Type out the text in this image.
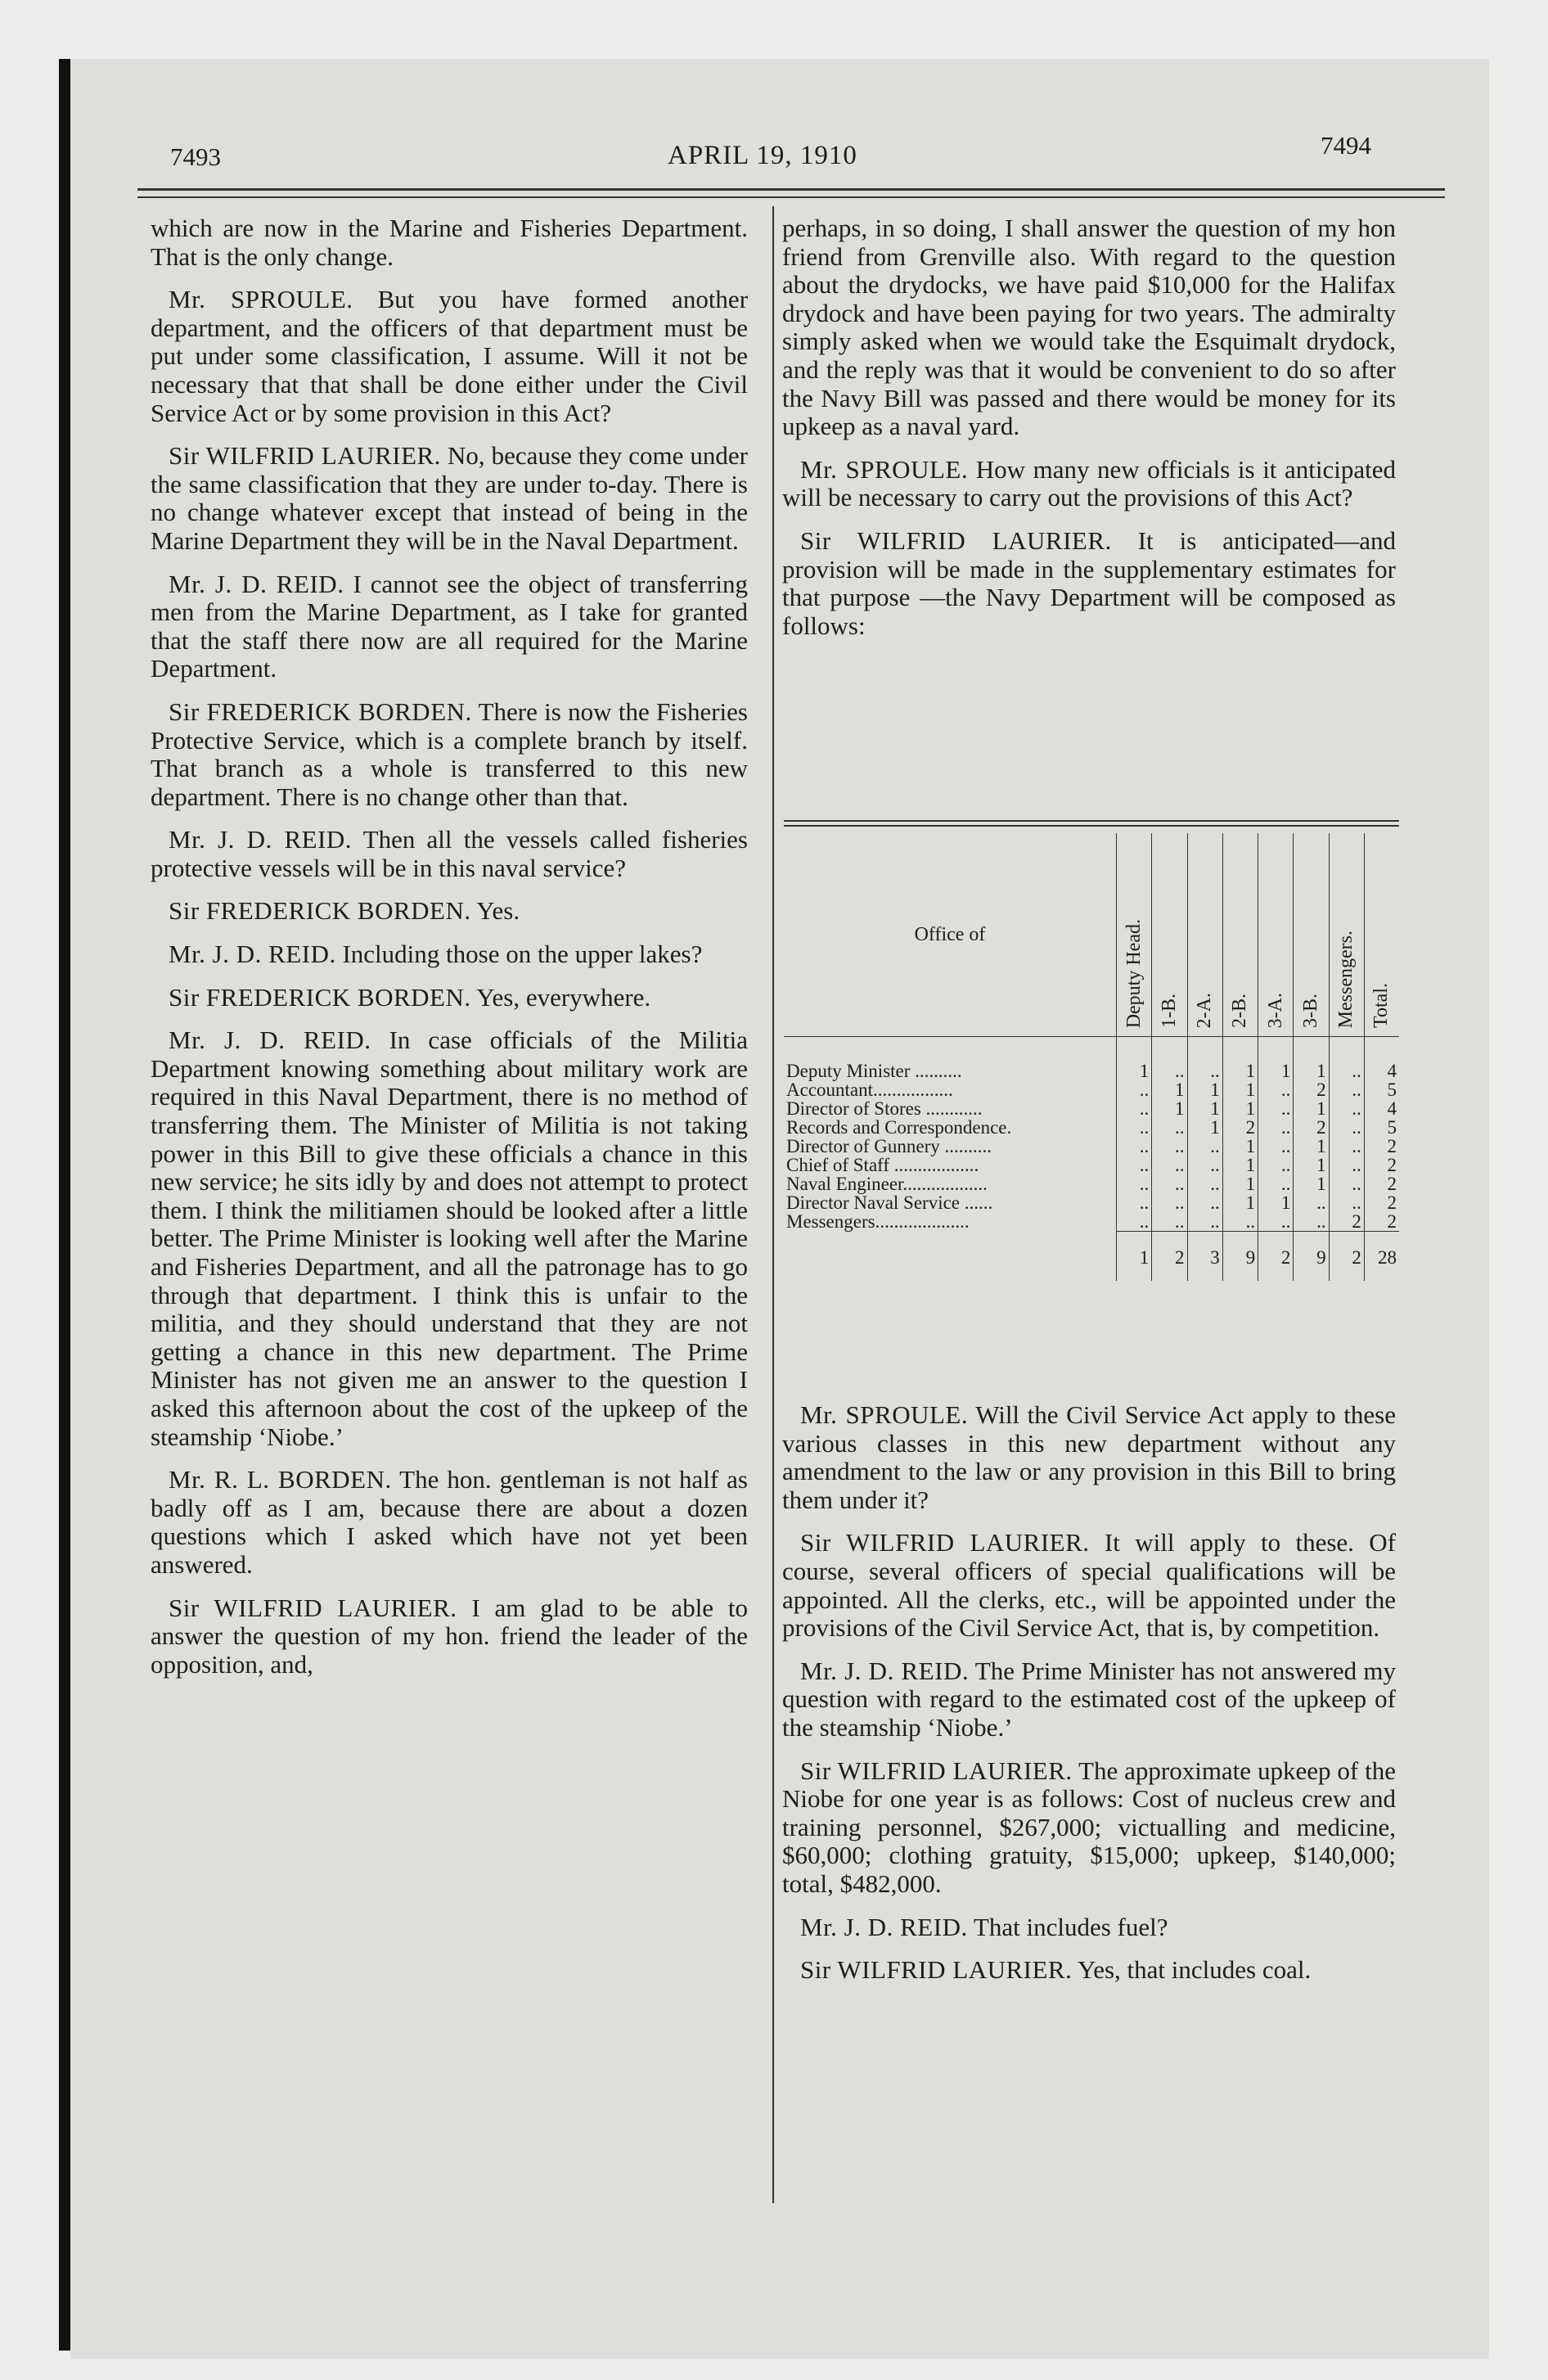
7493	APRIL 19, 1910	7494

which are now in the Marine and Fisheries Department. That is the only change.

Mr. SPROULE. But you have formed another department, and the officers of that department must be put under some classification, I assume. Will it not be necessary that that shall be done either under the Civil Service Act or by some provision in this Act?

Sir WILFRID LAURIER. No, because they come under the same classification that they are under to-day. There is no change whatever except that instead of being in the Marine Department they will be in the Naval Department.

Mr. J. D. REID. I cannot see the object of transferring men from the Marine Department, as I take for granted that the staff there now are all required for the Marine Department.

Sir FREDERICK BORDEN. There is now the Fisheries Protective Service, which is a complete branch by itself. That branch as a whole is transferred to this new department. There is no change other than that.

Mr. J. D. REID. Then all the vessels called fisheries protective vessels will be in this naval service?

Sir FREDERICK BORDEN. Yes.

Mr. J. D. REID. Including those on the upper lakes?

Sir FREDERICK BORDEN. Yes, everywhere.

Mr. J. D. REID. In case officials of the Militia Department knowing something about military work are required in this Naval Department, there is no method of transferring them. The Minister of Militia is not taking power in this Bill to give these officials a chance in this new service; he sits idly by and does not attempt to protect them. I think the militiamen should be looked after a little better. The Prime Minister is looking well after the Marine and Fisheries Department, and all the patronage has to go through that department. I think this is unfair to the militia, and they should understand that they are not getting a chance in this new department. The Prime Minister has not given me an answer to the question I asked this afternoon about the cost of the upkeep of the steamship ‘Niobe.’

Mr. R. L. BORDEN. The hon. gentleman is not half as badly off as I am, because there are about a dozen questions which I asked which have not yet been answered.

Sir WILFRID LAURIER. I am glad to be able to answer the question of my hon. friend the leader of the opposition, and,

perhaps, in so doing, I shall answer the question of my hon friend from Grenville also. With regard to the question about the drydocks, we have paid $10,000 for the Halifax drydock and have been paying for two years. The admiralty simply asked when we would take the Esquimalt drydock, and the reply was that it would be convenient to do so after the Navy Bill was passed and there would be money for its upkeep as a naval yard.

Mr. SPROULE. How many new officials is it anticipated will be necessary to carry out the provisions of this Act?

Sir WILFRID LAURIER. It is anticipated—and provision will be made in the supplementary estimates for that purpose —the Navy Department will be composed as follows:

Office of	Deputy Head.	1-B.	2-A.	2-B.	3-A.	3-B.	Messengers.	Total.
Deputy Minister ..........	1	..	..	1	1	1	..	4
Accountant.................	..	1	1	1	..	2	..	5
Director of Stores ............	..	1	1	1	..	1	..	4
Records and Correspondence.	..	..	1	2	..	2	..	5
Director of Gunnery ..........	..	..	..	1	..	1	..	2
Chief of Staff ..................	..	..	..	1	..	1	..	2
Naval Engineer..................	..	..	..	1	..	1	..	2
Director Naval Service ......	..	..	..	1	1	..	..	2
Messengers....................	..	..	..	..	..	..	2	2
	1	2	3	9	2	9	2	28

Mr. SPROULE. Will the Civil Service Act apply to these various classes in this new department without any amendment to the law or any provision in this Bill to bring them under it?

Sir WILFRID LAURIER. It will apply to these. Of course, several officers of special qualifications will be appointed. All the clerks, etc., will be appointed under the provisions of the Civil Service Act, that is, by competition.

Mr. J. D. REID. The Prime Minister has not answered my question with regard to the estimated cost of the upkeep of the steamship ‘Niobe.’

Sir WILFRID LAURIER. The approximate upkeep of the Niobe for one year is as follows: Cost of nucleus crew and training personnel, $267,000; victualling and medicine, $60,000; clothing gratuity, $15,000; upkeep, $140,000; total, $482,000.

Mr. J. D. REID. That includes fuel?

Sir WILFRID LAURIER. Yes, that includes coal.
